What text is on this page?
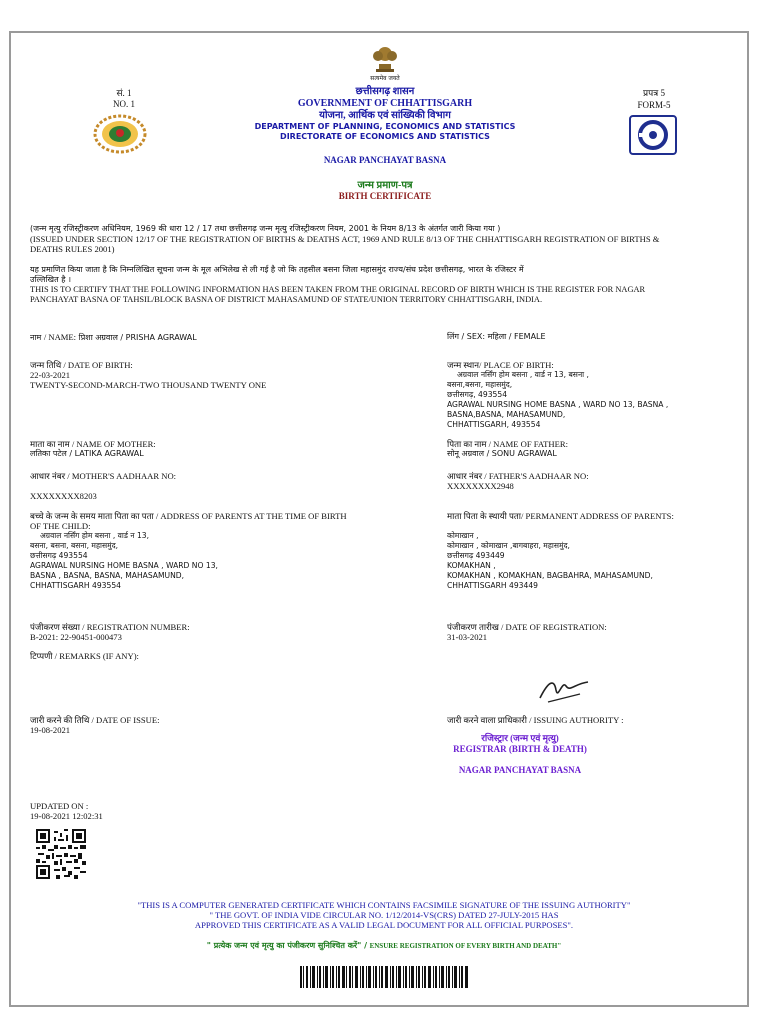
सत्यमेव जयते
सं. 1
NO. 1
प्रपत्र 5
FORM-5
छत्तीसगढ़ शासन
GOVERNMENT OF CHHATTISGARH
योजना, आर्थिक एवं सांख्यिकी विभाग
DEPARTMENT OF PLANNING, ECONOMICS AND STATISTICS
DIRECTORATE OF ECONOMICS AND STATISTICS
NAGAR PANCHAYAT BASNA
जन्म प्रमाण-पत्र
BIRTH CERTIFICATE
(जन्म मृत्यु रजिस्ट्रीकरण अधिनियम, 1969 की धारा 12 / 17 तथा छत्तीसगढ़ जन्म मृत्यु रजिस्ट्रीकरण नियम, 2001 के नियम 8/13 के अंतर्गत जारी किया गया )
(ISSUED UNDER SECTION 12/17 OF THE REGISTRATION OF BIRTHS & DEATHS ACT, 1969 AND RULE 8/13 OF THE CHHATTISGARH REGISTRATION OF BIRTHS &
DEATHS RULES 2001)
यह प्रमाणित किया जाता है कि निम्नलिखित सूचना जन्म के मूल अभिलेख से ली गई है जो कि तहसील बसना जिला महासमुंद राज्य/संघ प्रदेश छत्तीसगढ़, भारत के रजिस्टर में
उल्लिखित है ।
THIS IS TO CERTIFY THAT THE FOLLOWING INFORMATION HAS BEEN TAKEN FROM THE ORIGINAL RECORD OF BIRTH WHICH IS THE REGISTER FOR NAGAR
PANCHAYAT BASNA OF TAHSIL/BLOCK BASNA OF DISTRICT MAHASAMUND OF STATE/UNION TERRITORY CHHATTISGARH, INDIA.
नाम / NAME: प्रिशा अग्रवाल / PRISHA AGRAWAL	लिंग / SEX: महिला / FEMALE
जन्म तिथि / DATE OF BIRTH:
22-03-2021
TWENTY-SECOND-MARCH-TWO THOUSAND TWENTY ONE
जन्म स्थान/ PLACE OF BIRTH:
अग्रवाल नर्सिंग होम बसना , वार्ड न 13, बसना ,
बसना,बसना, महासमुंद,
छत्तीसगढ़, 493554
AGRAWAL NURSING HOME BASNA , WARD NO 13, BASNA ,
BASNA,BASNA, MAHASAMUND,
CHHATTISGARH, 493554
माता का नाम / NAME OF MOTHER:
लतिका पटेल / LATIKA AGRAWAL
पिता का नाम / NAME OF FATHER:
सोनू अग्रवाल / SONU AGRAWAL
आधार नंबर / MOTHER'S AADHAAR NO:
XXXXXXXX8203
आधार नंबर / FATHER'S AADHAAR NO:
XXXXXXXX2948
बच्चे के जन्म के समय माता पिता का पता / ADDRESS OF PARENTS AT THE TIME OF BIRTH
OF THE CHILD:
अग्रवाल नर्सिंग होम बसना , वार्ड न 13,
बसना, बसना, बसना, महासमुंद,
छत्तीसगढ़ 493554
AGRAWAL NURSING HOME BASNA , WARD NO 13,
BASNA , BASNA, BASNA, MAHASAMUND,
CHHATTISGARH 493554
माता पिता के स्थायी पता/ PERMANENT ADDRESS OF PARENTS:
कोमाखान ,
कोमाखान , कोमाखान ,बागबाहरा, महासमुंद,
छत्तीसगढ़ 493449
KOMAKHAN ,
KOMAKHAN , KOMAKHAN, BAGBAHRA, MAHASAMUND,
CHHATTISGARH 493449
पंजीकरण संख्या / REGISTRATION NUMBER:
B-2021: 22-90451-000473
पंजीकरण तारीख / DATE OF REGISTRATION:
31-03-2021
टिप्पणी / REMARKS (IF ANY):
जारी करने की तिथि / DATE OF ISSUE:
19-08-2021
जारी करने वाला प्राधिकारी / ISSUING AUTHORITY :
रजिस्ट्रार (जन्म एवं मृत्यु)
REGISTRAR (BIRTH & DEATH)
NAGAR PANCHAYAT BASNA
UPDATED ON :
19-08-2021 12:02:31
"THIS IS A COMPUTER GENERATED CERTIFICATE WHICH CONTAINS FACSIMILE SIGNATURE OF THE ISSUING AUTHORITY"
" THE GOVT. OF INDIA VIDE CIRCULAR NO. 1/12/2014-VS(CRS) DATED 27-JULY-2015 HAS
APPROVED THIS CERTIFICATE AS A VALID LEGAL DOCUMENT FOR ALL OFFICIAL PURPOSES".
" प्रत्येक जन्म एवं मृत्यु का पंजीकरण सुनिश्चित करें" / ENSURE REGISTRATION OF EVERY BIRTH AND DEATH"
